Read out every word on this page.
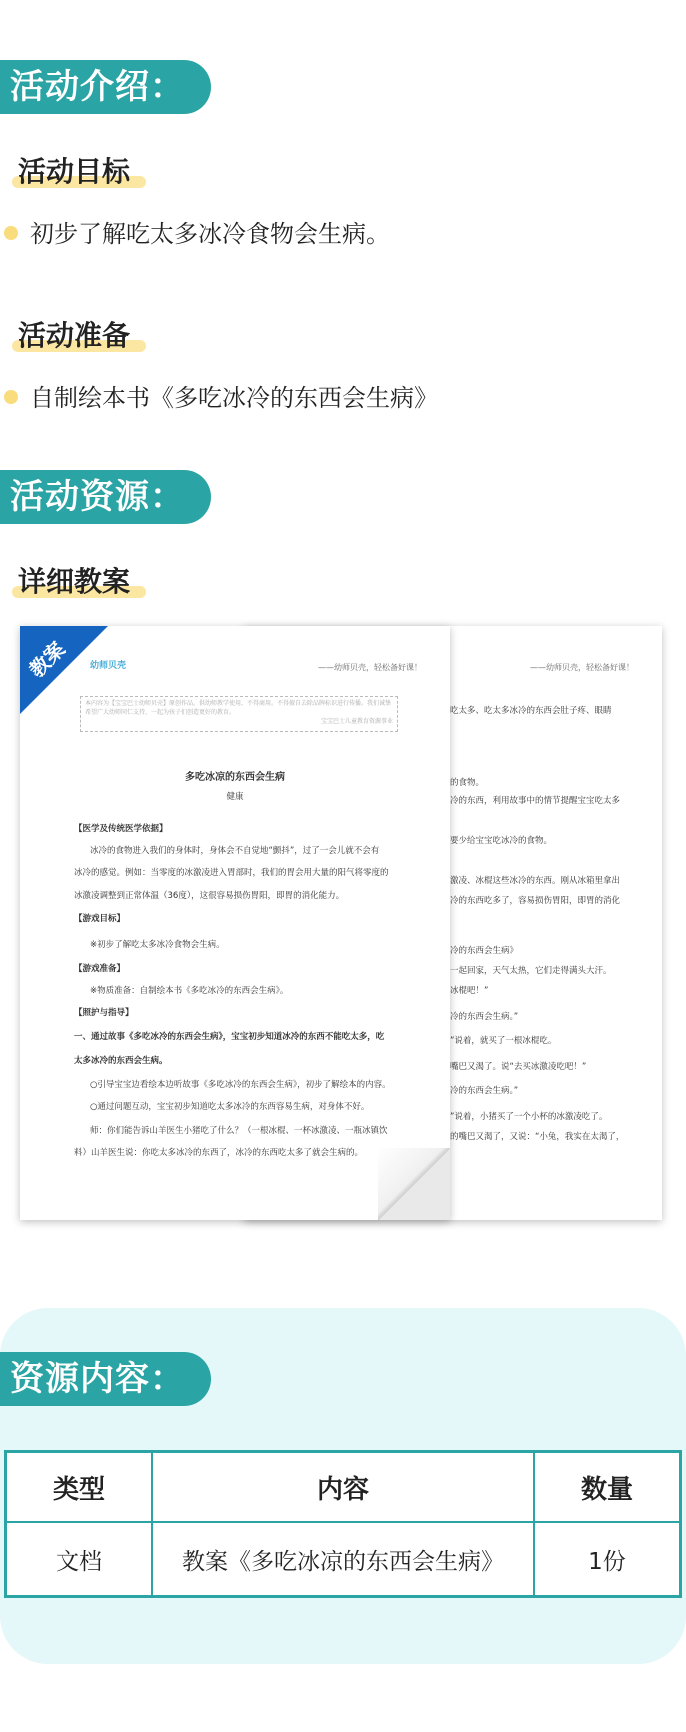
活动介绍：
活动目标
初步了解吃太多冰冷食物会生病。
活动准备
自制绘本书《多吃冰冷的东西会生病》
活动资源：
详细教案
——幼师贝壳，轻松备好课！
吃太多、吃太多冰冷的东西会肚子疼、眼睛
的食物。
冷的东西，利用故事中的情节提醒宝宝吃太多
要少给宝宝吃冰冷的食物。
激凌、冰棍这些冰冷的东西。刚从冰箱里拿出
冷的东西吃多了，容易损伤胃阳，即胃的消化
冷的东西会生病》
一起回家，天气太热，它们走得满头大汗。
冰棍吧！”
冷的东西会生病。”
”说着，就买了一根冰棍吃。
嘴巴又渴了。说“去买冰激凌吃吧！”
冷的东西会生病。”
”说着，小猪买了一个小杯的冰激凌吃了。
的嘴巴又渴了，又说：“小兔，我实在太渴了，
教案 幼师贝壳	——幼师贝壳，轻松备好课！
本内容为【宝宝巴士幼师贝壳】原创作品，供幼师教学使用，不得商用。不得擅自去除品牌标识进行传播。我们诚挚希望广大幼师同仁支持，一起为孩子们创造更好的教育。
宝宝巴士儿童教育资源事业
多吃冰凉的东西会生病
健康
【医学及传统医学依据】
冰冷的食物进入我们的身体时，身体会不自觉地“颤抖”，过了一会儿就不会有
冰冷的感觉。例如：当零度的冰激凌进入胃部时，我们的胃会用大量的阳气将零度的
冰激凌调整到正常体温（36度），这很容易损伤胃阳，即胃的消化能力。
【游戏目标】
※初步了解吃太多冰冷食物会生病。
【游戏准备】
※物质准备：自制绘本书《多吃冰冷的东西会生病》。
【照护与指导】
一、通过故事《多吃冰冷的东西会生病》，宝宝初步知道冰冷的东西不能吃太多，吃
太多冰冷的东西会生病。
○引导宝宝边看绘本边听故事《多吃冰冷的东西会生病》，初步了解绘本的内容。
○通过问题互动，宝宝初步知道吃太多冰冷的东西容易生病，对身体不好。
师：你们能告诉山羊医生小猪吃了什么？（一根冰棍、一杯冰激凌、一瓶冰镇饮
料）山羊医生说：你吃太多冰冷的东西了，冰冷的东西吃太多了就会生病的。
资源内容：
类型	内容	数量
文档	教案《多吃冰凉的东西会生病》	1份
